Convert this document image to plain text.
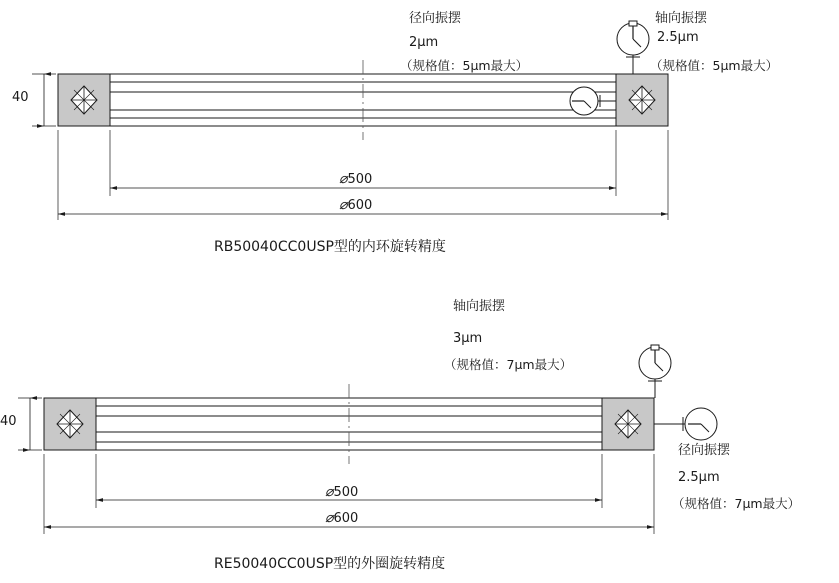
径向振摆
2μm
（规格值：5μm最大）
轴向振摆
2.5μm
（规格值：5μm最大）
40
⌀500
⌀600
RB50040CC0USP型的内环旋转精度
轴向振摆
3μm
（规格值：7μm最大）
径向振摆
2.5μm
（规格值：7μm最大）
40
⌀500
⌀600
RE50040CC0USP型的外圈旋转精度
